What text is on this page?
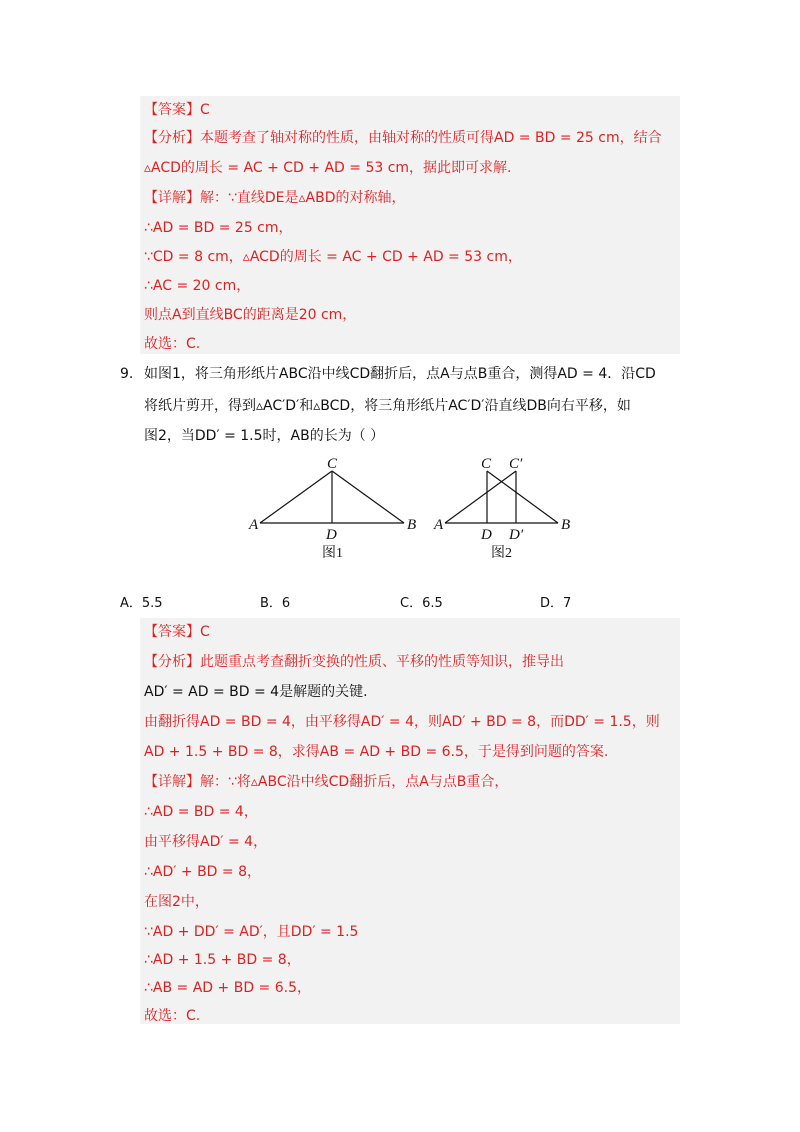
【答案】C
【分析】本题考查了轴对称的性质，由轴对称的性质可得AD = BD = 25 cm，结合
▵ACD的周长 = AC + CD + AD = 53 cm，据此即可求解.
【详解】解：∵直线DE是▵ABD的对称轴，
∴AD = BD = 25 cm，
∵CD = 8 cm，▵ACD的周长 = AC + CD + AD = 53 cm，
∴AC = 20 cm，
则点A到直线BC的距离是20 cm，
故选：C.
9. 如图1，将三角形纸片ABC沿中线CD翻折后，点A与点B重合，测得AD = 4．沿CD
将纸片剪开，得到▵AC′D′和▵BCD，将三角形纸片AC′D′沿直线DB向右平移，如
图2，当DD′ = 1.5时，AB的长为（ ）
C
A	B
D
图1
C C′
A	B
D D′
图2
A．5.5	B．6	C．6.5	D．7
【答案】C
【分析】此题重点考查翻折变换的性质、平移的性质等知识，推导出
AD′ = AD = BD = 4是解题的关键.
由翻折得AD = BD = 4，由平移得AD′ = 4，则AD′ + BD = 8，而DD′ = 1.5，则
AD + 1.5 + BD = 8，求得AB = AD + BD = 6.5，于是得到问题的答案.
【详解】解：∵将▵ABC沿中线CD翻折后，点A与点B重合，
∴AD = BD = 4，
由平移得AD′ = 4，
∴AD′ + BD = 8，
在图2中，
∵AD + DD′ = AD′，且DD′ = 1.5
∴AD + 1.5 + BD = 8，
∴AB = AD + BD = 6.5，
故选：C.
